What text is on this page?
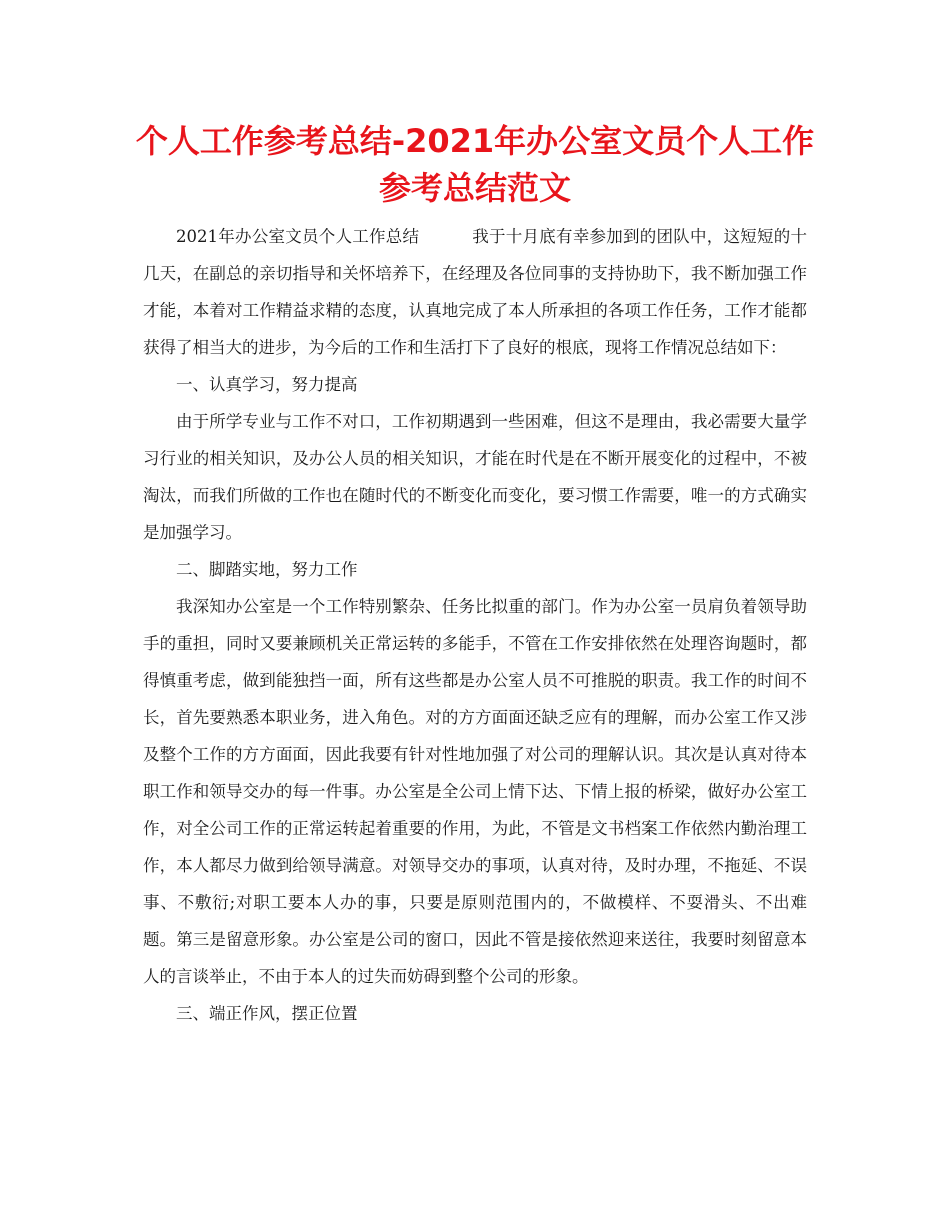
个人工作参考总结-2021年办公室文员个人工作
参考总结范文

2021年办公室文员个人工作总结	我于十月底有幸参加到的团队中，这短短的十几天，在副总的亲切指导和关怀培养下，在经理及各位同事的支持协助下，我不断加强工作才能，本着对工作精益求精的态度，认真地完成了本人所承担的各项工作任务，工作才能都获得了相当大的进步，为今后的工作和生活打下了良好的根底，现将工作情况总结如下：

一、认真学习，努力提高

由于所学专业与工作不对口，工作初期遇到一些困难，但这不是理由，我必需要大量学习行业的相关知识，及办公人员的相关知识，才能在时代是在不断开展变化的过程中，不被淘汰，而我们所做的工作也在随时代的不断变化而变化，要习惯工作需要，唯一的方式确实是加强学习。

二、脚踏实地，努力工作

我深知办公室是一个工作特别繁杂、任务比拟重的部门。作为办公室一员肩负着领导助手的重担，同时又要兼顾机关正常运转的多能手，不管在工作安排依然在处理咨询题时，都得慎重考虑，做到能独挡一面，所有这些都是办公室人员不可推脱的职责。我工作的时间不长，首先要熟悉本职业务，进入角色。对的方方面面还缺乏应有的理解，而办公室工作又涉及整个工作的方方面面，因此我要有针对性地加强了对公司的理解认识。其次是认真对待本职工作和领导交办的每一件事。办公室是全公司上情下达、下情上报的桥梁，做好办公室工作，对全公司工作的正常运转起着重要的作用，为此，不管是文书档案工作依然内勤治理工作，本人都尽力做到给领导满意。对领导交办的事项，认真对待，及时办理，不拖延、不误事、不敷衍;对职工要本人办的事，只要是原则范围内的，不做模样、不耍滑头、不出难题。第三是留意形象。办公室是公司的窗口，因此不管是接依然迎来送往，我要时刻留意本人的言谈举止，不由于本人的过失而妨碍到整个公司的形象。

三、端正作风，摆正位置
